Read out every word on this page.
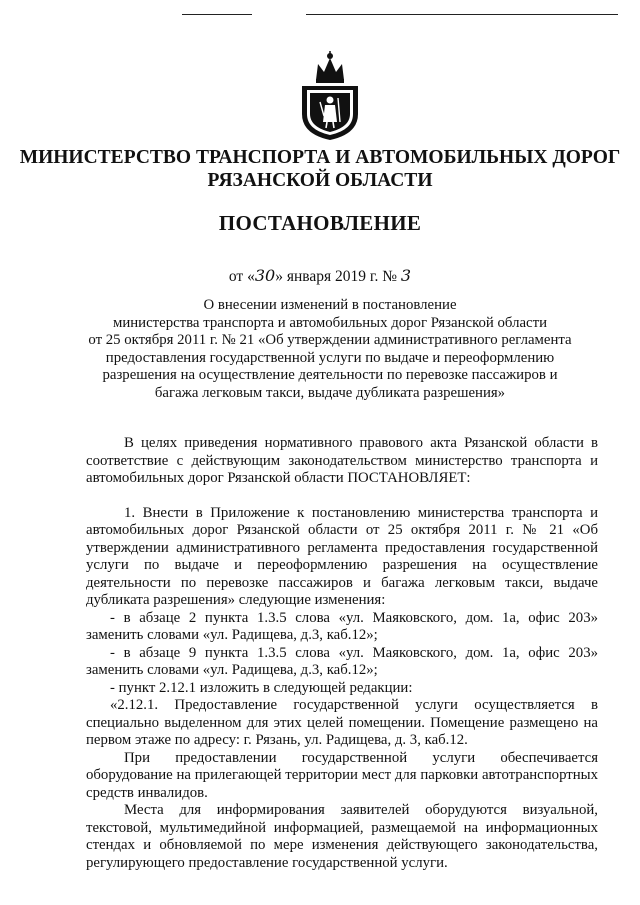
МИНИСТЕРСТВО ТРАНСПОРТА И АВТОМОБИЛЬНЫХ ДОРОГ
РЯЗАНСКОЙ ОБЛАСТИ
ПОСТАНОВЛЕНИЕ
от «30» января 2019 г. № 3
О внесении изменений в постановление
министерства транспорта и автомобильных дорог Рязанской области
от 25 октября 2011 г. № 21 «Об утверждении административного регламента
предоставления государственной услуги по выдаче и переоформлению
разрешения на осуществление деятельности по перевозке пассажиров и
багажа легковым такси, выдаче дубликата разрешения»

В целях приведения нормативного правового акта Рязанской области в соответствие с действующим законодательством министерство транспорта и автомобильных дорог Рязанской области ПОСТАНОВЛЯЕТ:

1. Внести в Приложение к постановлению министерства транспорта и автомобильных дорог Рязанской области от 25 октября 2011 г. № 21 «Об утверждении административного регламента предоставления государственной услуги по выдаче и переоформлению разрешения на осуществление деятельности по перевозке пассажиров и багажа легковым такси, выдаче дубликата разрешения» следующие изменения:

- в абзаце 2 пункта 1.3.5 слова «ул. Маяковского, дом. 1а, офис 203» заменить словами «ул. Радищева, д.3, каб.12»;

- в абзаце 9 пункта 1.3.5 слова «ул. Маяковского, дом. 1а, офис 203» заменить словами «ул. Радищева, д.3, каб.12»;

- пункт 2.12.1 изложить в следующей редакции:

«2.12.1. Предоставление государственной услуги осуществляется в специально выделенном для этих целей помещении. Помещение размещено на первом этаже по адресу: г. Рязань, ул. Радищева, д. 3, каб.12.

При предоставлении государственной услуги обеспечивается оборудование на прилегающей территории мест для парковки автотранспортных средств инвалидов.

Места для информирования заявителей оборудуются визуальной, текстовой, мультимедийной информацией, размещаемой на информационных стендах и обновляемой по мере изменения действующего законодательства, регулирующего предоставление государственной услуги.
